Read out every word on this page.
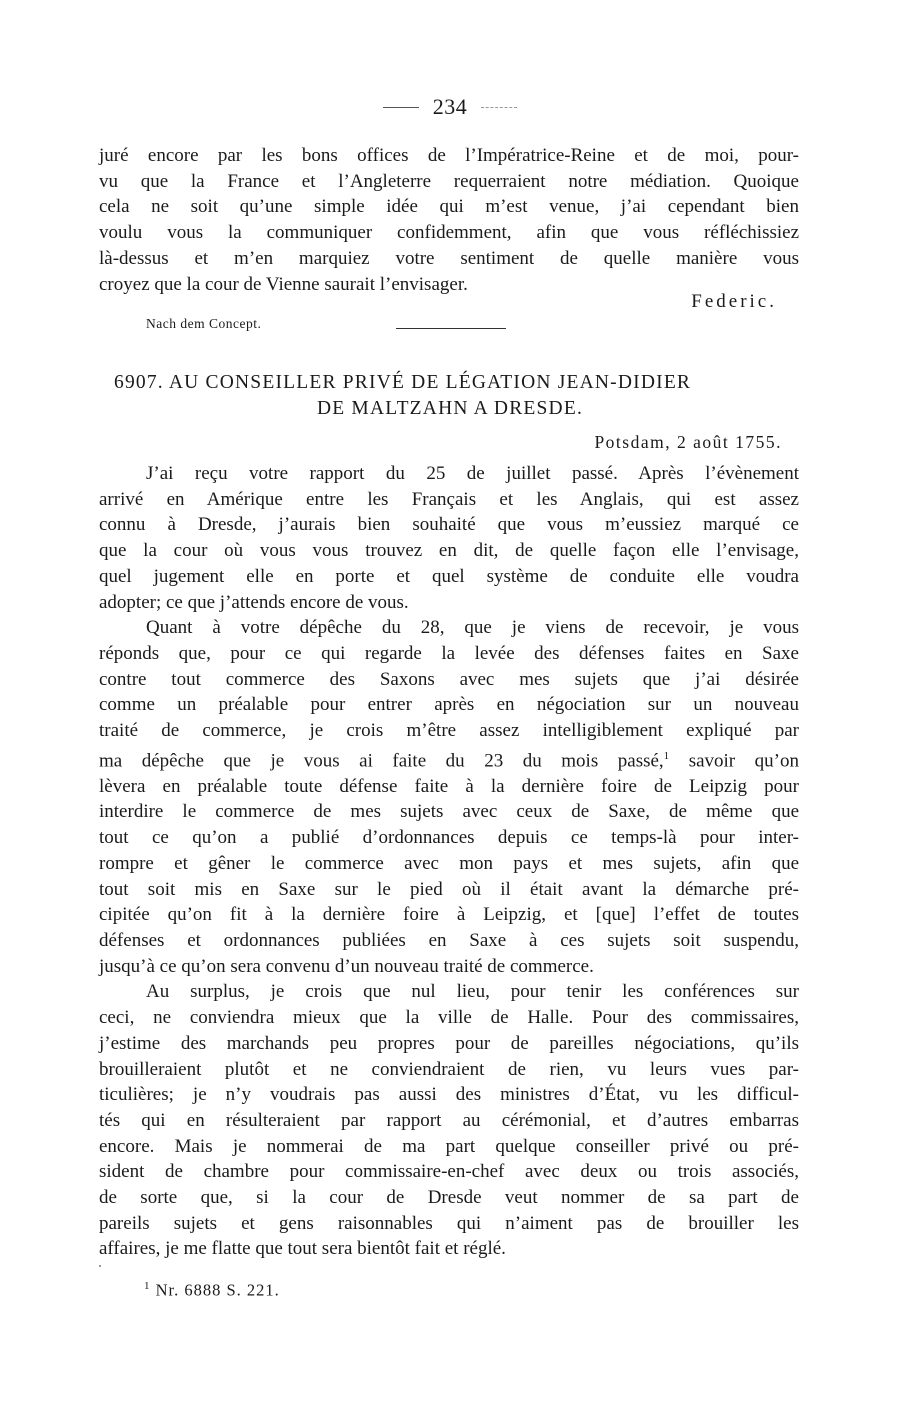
234

juré encore par les bons offices de l’Impératrice-Reine et de moi, pour-
vu que la France et l’Angleterre requerraient notre médiation. Quoique
cela ne soit qu’une simple idée qui m’est venue, j’ai cependant bien
voulu vous la communiquer confidemment, afin que vous réfléchissiez
là-dessus et m’en marquiez votre sentiment de quelle manière vous
croyez que la cour de Vienne saurait l’envisager.

Federic.
Nach dem Concept.
6907. AU CONSEILLER PRIVÉ DE LÉGATION JEAN-DIDIER
DE MALTZAHN A DRESDE.
Potsdam, 2 août 1755.

J’ai reçu votre rapport du 25 de juillet passé. Après l’évènement
arrivé en Amérique entre les Français et les Anglais, qui est assez
connu à Dresde, j’aurais bien souhaité que vous m’eussiez marqué ce
que la cour où vous vous trouvez en dit, de quelle façon elle l’envisage,
quel jugement elle en porte et quel système de conduite elle voudra
adopter; ce que j’attends encore de vous.

Quant à votre dépêche du 28, que je viens de recevoir, je vous
réponds que, pour ce qui regarde la levée des défenses faites en Saxe
contre tout commerce des Saxons avec mes sujets que j’ai désirée
comme un préalable pour entrer après en négociation sur un nouveau
traité de commerce, je crois m’être assez intelligiblement expliqué par
ma dépêche que je vous ai faite du 23 du mois passé,$^1$ savoir qu’on
lèvera en préalable toute défense faite à la dernière foire de Leipzig pour
interdire le commerce de mes sujets avec ceux de Saxe, de même que
tout ce qu’on a publié d’ordonnances depuis ce temps-là pour inter-
rompre et gêner le commerce avec mon pays et mes sujets, afin que
tout soit mis en Saxe sur le pied où il était avant la démarche pré-
cipitée qu’on fit à la dernière foire à Leipzig, et [que] l’effet de toutes
défenses et ordonnances publiées en Saxe à ces sujets soit suspendu,
jusqu’à ce qu’on sera convenu d’un nouveau traité de commerce.

Au surplus, je crois que nul lieu, pour tenir les conférences sur
ceci, ne conviendra mieux que la ville de Halle. Pour des commissaires,
j’estime des marchands peu propres pour de pareilles négociations, qu’ils
brouilleraient plutôt et ne conviendraient de rien, vu leurs vues par-
ticulières; je n’y voudrais pas aussi des ministres d’État, vu les difficul-
tés qui en résulteraient par rapport au cérémonial, et d’autres embarras
encore. Mais je nommerai de ma part quelque conseiller privé ou pré-
sident de chambre pour commissaire-en-chef avec deux ou trois associés,
de sorte que, si la cour de Dresde veut nommer de sa part de
pareils sujets et gens raisonnables qui n’aiment pas de brouiller les
affaires, je me flatte que tout sera bientôt fait et réglé.

$^1$ Nr. 6888 S. 221.
